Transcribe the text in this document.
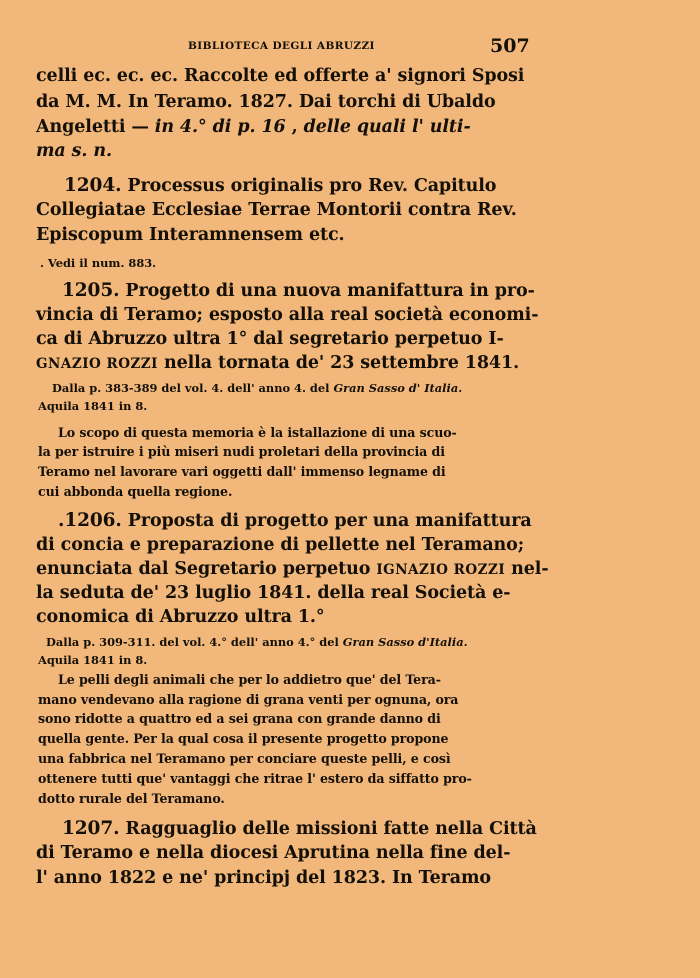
BIBLIOTECA DEGLI ABRUZZI	507
celli ec. ec. ec. Raccolte ed offerte a' signori Sposi
da M. M. In Teramo. 1827. Dai torchi di Ubaldo
Angeletti — in 4.° di p. 16 , delle quali l' ulti-
ma s. n.
1204. Processus originalis pro Rev. Capitulo
Collegiatae Ecclesiae Terrae Montorii contra Rev.
Episcopum Interamnensem etc.
. Vedi il num. 883.
1205. Progetto di una nuova manifattura in pro-
vincia di Teramo; esposto alla real società economi-
ca di Abruzzo ultra 1° dal segretario perpetuo I-
GNAZIO ROZZI nella tornata de' 23 settembre 1841.
Dalla p. 383-389 del vol. 4. dell' anno 4. del Gran Sasso d' Italia.
Aquila 1841 in 8.
Lo scopo di questa memoria è la istallazione di una scuo-
la per istruire i più miseri nudi proletari della provincia di
Teramo nel lavorare vari oggetti dall' immenso legname di
cui abbonda quella regione.
.1206. Proposta di progetto per una manifattura
di concia e preparazione di pellette nel Teramano;
enunciata dal Segretario perpetuo IGNAZIO ROZZI nel-
la seduta de' 23 luglio 1841. della real Società e-
conomica di Abruzzo ultra 1.°
Dalla p. 309-311. del vol. 4.° dell' anno 4.° del Gran Sasso d'Italia.
Aquila 1841 in 8.
Le pelli degli animali che per lo addietro que' del Tera-
mano vendevano alla ragione di grana venti per ognuna, ora
sono ridotte a quattro ed a sei grana con grande danno di
quella gente. Per la qual cosa il presente progetto propone
una fabbrica nel Teramano per conciare queste pelli, e così
ottenere tutti que' vantaggi che ritrae l' estero da siffatto pro-
dotto rurale del Teramano.
1207. Ragguaglio delle missioni fatte nella Città
di Teramo e nella diocesi Aprutina nella fine del-
l' anno 1822 e ne' principj del 1823. In Teramo
